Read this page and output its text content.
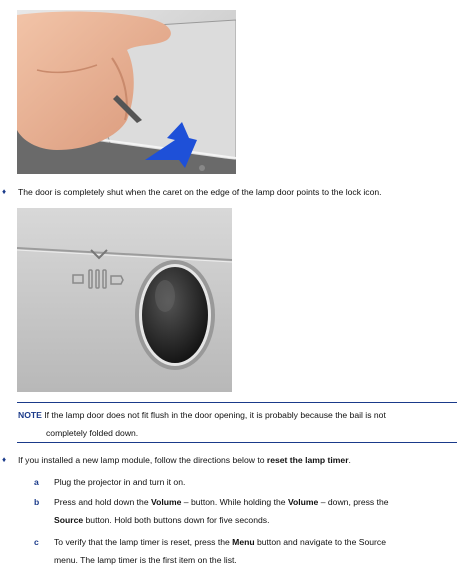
♦ The door is completely shut when the caret on the edge of the lamp door points to the lock icon.
NOTE If the lamp door does not fit flush in the door opening, it is probably because the bail is not
completely folded down.
♦ If you installed a new lamp module, follow the directions below to reset the lamp timer.
a Plug the projector in and turn it on.
b Press and hold down the Volume – button. While holding the Volume – down, press the
Source button. Hold both buttons down for five seconds.
c To verify that the lamp timer is reset, press the Menu button and navigate to the Source
menu. The lamp timer is the first item on the list.
